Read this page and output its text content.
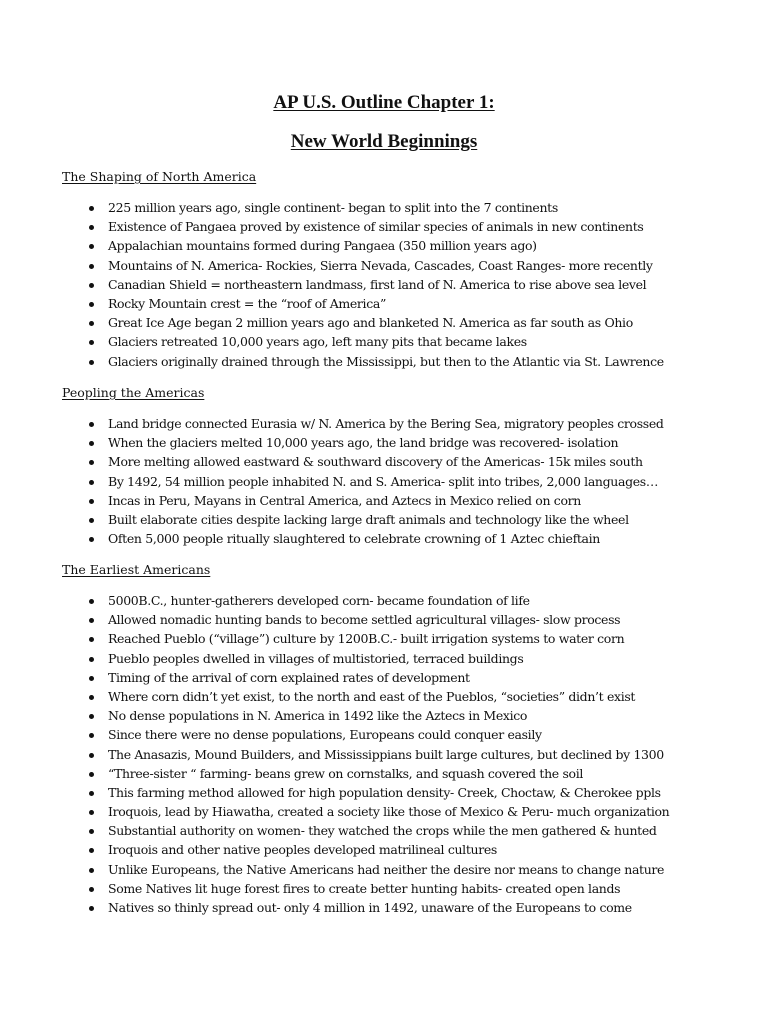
AP U.S. Outline Chapter 1:
New World Beginnings

The Shaping of North America

225 million years ago, single continent- began to split into the 7 continents
Existence of Pangaea proved by existence of similar species of animals in new continents
Appalachian mountains formed during Pangaea (350 million years ago)
Mountains of N. America- Rockies, Sierra Nevada, Cascades, Coast Ranges- more recently
Canadian Shield = northeastern landmass, first land of N. America to rise above sea level
Rocky Mountain crest = the “roof of America”
Great Ice Age began 2 million years ago and blanketed N. America as far south as Ohio
Glaciers retreated 10,000 years ago, left many pits that became lakes
Glaciers originally drained through the Mississippi, but then to the Atlantic via St. Lawrence

Peopling the Americas

Land bridge connected Eurasia w/ N. America by the Bering Sea, migratory peoples crossed
When the glaciers melted 10,000 years ago, the land bridge was recovered- isolation
More melting allowed eastward & southward discovery of the Americas- 15k miles south
By 1492, 54 million people inhabited N. and S. America- split into tribes, 2,000 languages…
Incas in Peru, Mayans in Central America, and Aztecs in Mexico relied on corn
Built elaborate cities despite lacking large draft animals and technology like the wheel
Often 5,000 people ritually slaughtered to celebrate crowning of 1 Aztec chieftain

The Earliest Americans

5000B.C., hunter-gatherers developed corn- became foundation of life
Allowed nomadic hunting bands to become settled agricultural villages- slow process
Reached Pueblo (“village”) culture by 1200B.C.- built irrigation systems to water corn
Pueblo peoples dwelled in villages of multistoried, terraced buildings
Timing of the arrival of corn explained rates of development
Where corn didn’t yet exist, to the north and east of the Pueblos, “societies” didn’t exist
No dense populations in N. America in 1492 like the Aztecs in Mexico
Since there were no dense populations, Europeans could conquer easily
The Anasazis, Mound Builders, and Mississippians built large cultures, but declined by 1300
“Three-sister “ farming- beans grew on cornstalks, and squash covered the soil
This farming method allowed for high population density- Creek, Choctaw, & Cherokee ppls
Iroquois, lead by Hiawatha, created a society like those of Mexico & Peru- much organization
Substantial authority on women- they watched the crops while the men gathered & hunted
Iroquois and other native peoples developed matrilineal cultures
Unlike Europeans, the Native Americans had neither the desire nor means to change nature
Some Natives lit huge forest fires to create better hunting habits- created open lands
Natives so thinly spread out- only 4 million in 1492, unaware of the Europeans to come
